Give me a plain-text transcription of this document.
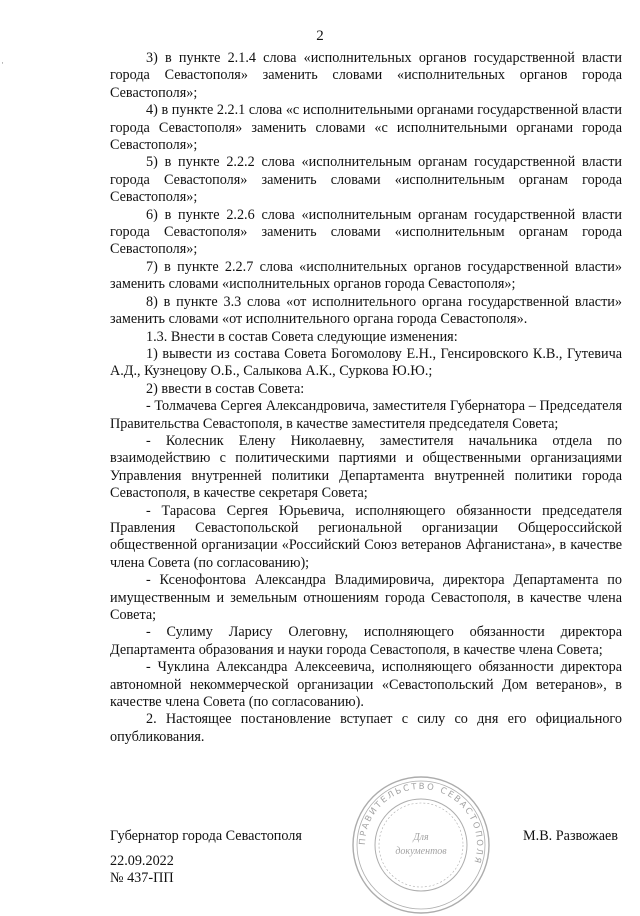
·
2

3) в пункте 2.1.4 слова «исполнительных органов государственной власти города Севастополя» заменить словами «исполнительных органов города Севастополя»;

4) в пункте 2.2.1 слова «с исполнительными органами государственной власти города Севастополя» заменить словами «с исполнительными органами города Севастополя»;

5) в пункте 2.2.2 слова «исполнительным органам государственной власти города Севастополя» заменить словами «исполнительным органам города Севастополя»;

6) в пункте 2.2.6 слова «исполнительным органам государственной власти города Севастополя» заменить словами «исполнительным органам города Севастополя»;

7) в пункте 2.2.7 слова «исполнительных органов государственной власти» заменить словами «исполнительных органов города Севастополя»;

8) в пункте 3.3 слова «от исполнительного органа государственной власти» заменить словами «от исполнительного органа города Севастополя».

1.3. Внести в состав Совета следующие изменения:

1) вывести из состава Совета Богомолову Е.Н., Генсировского К.В., Гутевича А.Д., Кузнецову О.Б., Салыкова А.К., Суркова Ю.Ю.;

2) ввести в состав Совета:

- Толмачева Сергея Александровича, заместителя Губернатора – Председателя Правительства Севастополя, в качестве заместителя председателя Совета;

- Колесник Елену Николаевну, заместителя начальника отдела по взаимодействию с политическими партиями и общественными организациями Управления внутренней политики Департамента внутренней политики города Севастополя, в качестве секретаря Совета;

- Тарасова Сергея Юрьевича, исполняющего обязанности председателя Правления Севастопольской региональной организации Общероссийской общественной организации «Российский Союз ветеранов Афганистана», в качестве члена Совета (по согласованию);

- Ксенофонтова Александра Владимировича, директора Департамента по имущественным и земельным отношениям города Севастополя, в качестве члена Совета;

- Сулиму Ларису Олеговну, исполняющего обязанности директора Департамента образования и науки города Севастополя, в качестве члена Совета;

- Чуклина Александра Алексеевича, исполняющего обязанности директора автономной некоммерческой организации «Севастопольский Дом ветеранов», в качестве члена Совета (по согласованию).

2. Настоящее постановление вступает с силу со дня его официального опубликования.

ПРАВИТЕЛЬСТВО СЕВАСТОПОЛЯ
Для
документов
Губернатор города Севастополя	М.В. Развожаев
22.09.2022
№ 437-ПП
